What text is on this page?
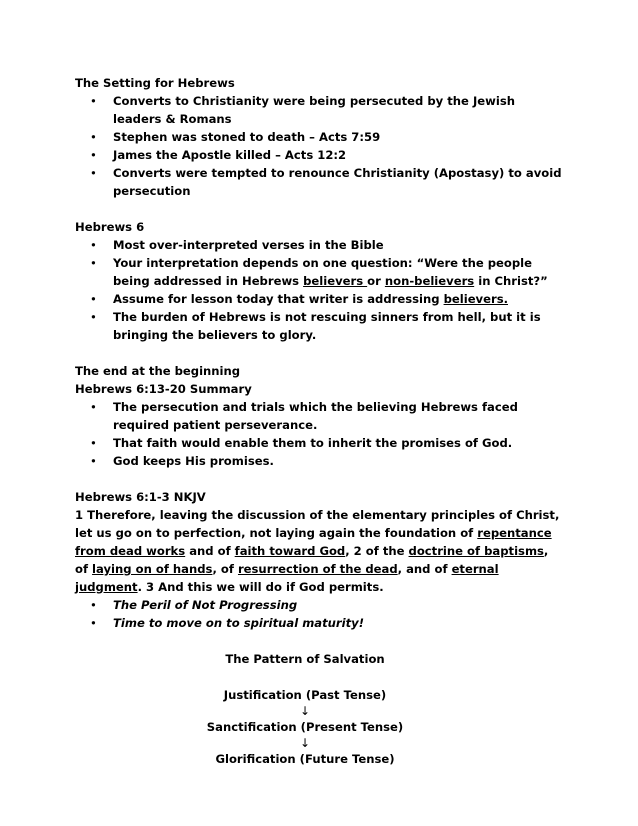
The Setting for Hebrews
• Converts to Christianity were being persecuted by the Jewish leaders & Romans
• Stephen was stoned to death – Acts 7:59
• James the Apostle killed – Acts 12:2
• Converts were tempted to renounce Christianity (Apostasy) to avoid persecution
Hebrews 6
• Most over-interpreted verses in the Bible
• Your interpretation depends on one question: “Were the people being addressed in Hebrews believers or non-believers in Christ?”
• Assume for lesson today that writer is addressing believers.
• The burden of Hebrews is not rescuing sinners from hell, but it is bringing the believers to glory.
The end at the beginning
Hebrews 6:13-20 Summary
• The persecution and trials which the believing Hebrews faced required patient perseverance.
• That faith would enable them to inherit the promises of God.
• God keeps His promises.
Hebrews 6:1-3 NKJV
1 Therefore, leaving the discussion of the elementary principles of Christ, let us go on to perfection, not laying again the foundation of repentance from dead works and of faith toward God, 2 of the doctrine of baptisms, of laying on of hands, of resurrection of the dead, and of eternal judgment. 3 And this we will do if God permits.
• The Peril of Not Progressing
• Time to move on to spiritual maturity!
The Pattern of Salvation
Justification (Past Tense)
↓
Sanctification (Present Tense)
↓
Glorification (Future Tense)
